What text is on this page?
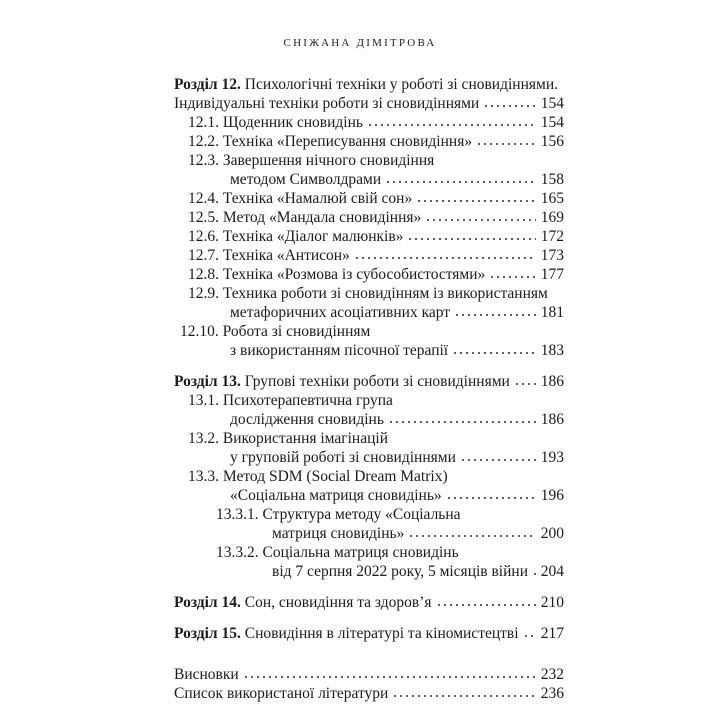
СНІЖАНА ДІМІТРОВА
Розділ 12. Психологічні техніки у роботі зі сновидіннями.
Індивідуальні техніки роботи зі сновидіннями	154
12.1. Щоденник сновидінь	154
12.2. Техніка «Переписування сновидіння»	156
12.3. Завершення нічного сновидіння
методом Символдрами	158
12.4. Техніка «Намалюй свій сон»	165
12.5. Метод «Мандала сновидіння»	169
12.6. Техніка «Діалог малюнків»	172
12.7. Техніка «Антисон»	173
12.8. Техніка «Розмова із субособистостями»	177
12.9. Техника роботи зі сновидінням із використанням
метафоричних асоціативних карт	181
12.10. Робота зі сновидінням
з використанням пісочної терапії	183
Розділ 13. Групові техніки роботи зі сновидіннями 186
13.1. Психотерапевтична група
дослідження сновидінь	186
13.2. Використання імагінацій
у груповій роботі зі сновидіннями	193
13.3. Метод SDM (Social Dream Matrix)
«Соціальна матриця сновидінь»	196
13.3.1. Структура методу «Соціальна
матриця сновидінь»	200
13.3.2. Соціальна матриця сновидінь
від 7 серпня 2022 року, 5 місяців війни 204
Розділ 14. Сон, сновидіння та здоров’я	210
Розділ 15. Сновидіння в літературі та кіномистецтві 217
Висновки	232
Список використаної літератури	236
